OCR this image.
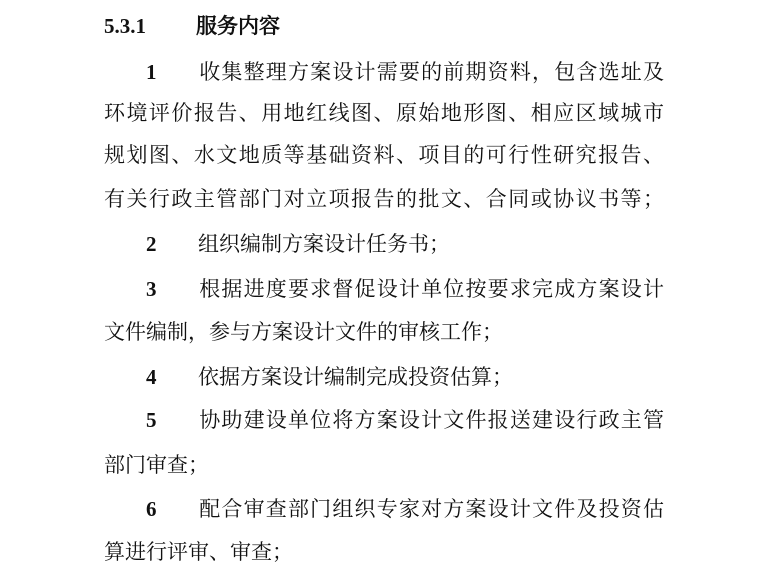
5.3.1 服务内容
1 收集整理方案设计需要的前期资料，包含选址及
环境评价报告、用地红线图、原始地形图、相应区域城市
规划图、水文地质等基础资料、项目的可行性研究报告、
有关行政主管部门对立项报告的批文、合同或协议书等；
2 组织编制方案设计任务书；
3 根据进度要求督促设计单位按要求完成方案设计
文件编制，参与方案设计文件的审核工作；
4 依据方案设计编制完成投资估算；
5 协助建设单位将方案设计文件报送建设行政主管
部门审查；
6 配合审查部门组织专家对方案设计文件及投资估
算进行评审、审查；
